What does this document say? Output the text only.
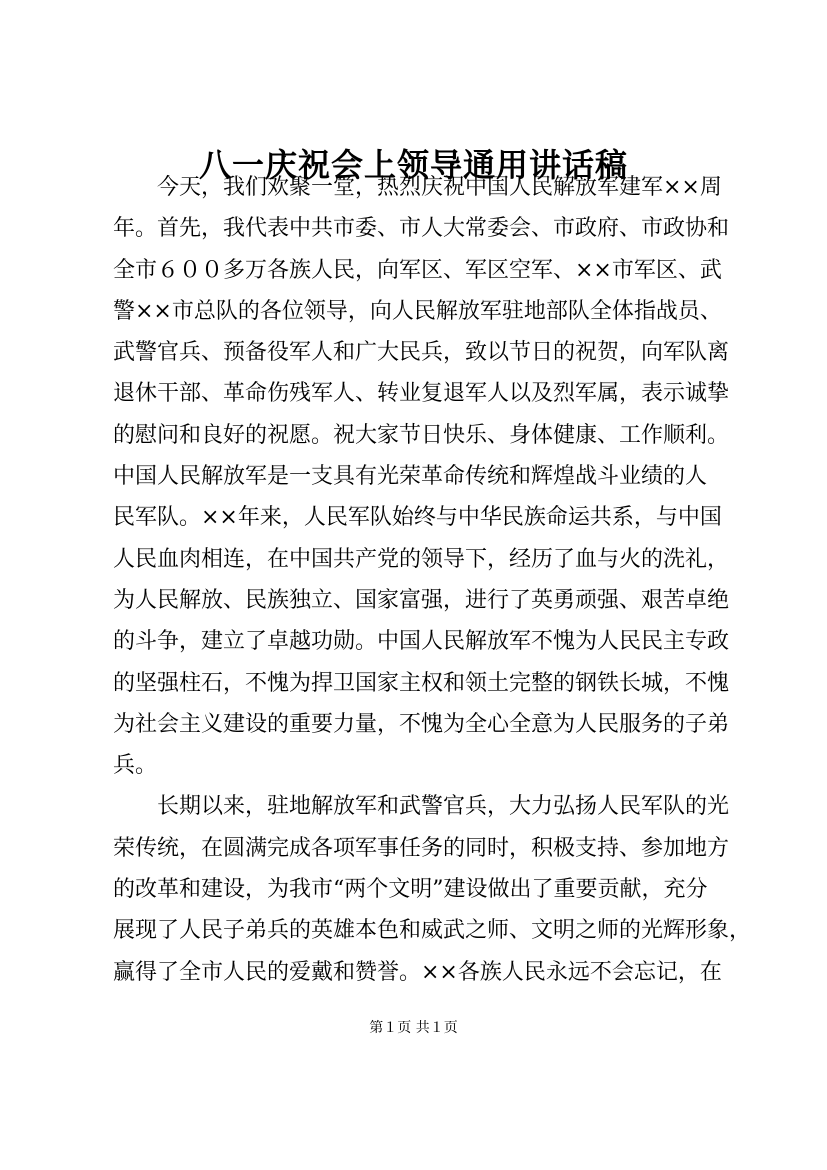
八一庆祝会上领导通用讲话稿

　　今天，我们欢聚一堂，热烈庆祝中国人民解放军建军××周
年。首先，我代表中共市委、市人大常委会、市政府、市政协和
全市６００多万各族人民，向军区、军区空军、××市军区、武
警××市总队的各位领导，向人民解放军驻地部队全体指战员、
武警官兵、预备役军人和广大民兵，致以节日的祝贺，向军队离
退休干部、革命伤残军人、转业复退军人以及烈军属，表示诚挚
的慰问和良好的祝愿。祝大家节日快乐、身体健康、工作顺利。
中国人民解放军是一支具有光荣革命传统和辉煌战斗业绩的人
民军队。××年来，人民军队始终与中华民族命运共系，与中国
人民血肉相连，在中国共产党的领导下，经历了血与火的洗礼，
为人民解放、民族独立、国家富强，进行了英勇顽强、艰苦卓绝
的斗争，建立了卓越功勋。中国人民解放军不愧为人民民主专政
的坚强柱石，不愧为捍卫国家主权和领土完整的钢铁长城，不愧
为社会主义建设的重要力量，不愧为全心全意为人民服务的子弟
兵。

　　长期以来，驻地解放军和武警官兵，大力弘扬人民军队的光
荣传统，在圆满完成各项军事任务的同时，积极支持、参加地方
的改革和建设，为我市“两个文明”建设做出了重要贡献，充分
展现了人民子弟兵的英雄本色和威武之师、文明之师的光辉形象，
赢得了全市人民的爱戴和赞誉。××各族人民永远不会忘记，在

第１页 共１页
